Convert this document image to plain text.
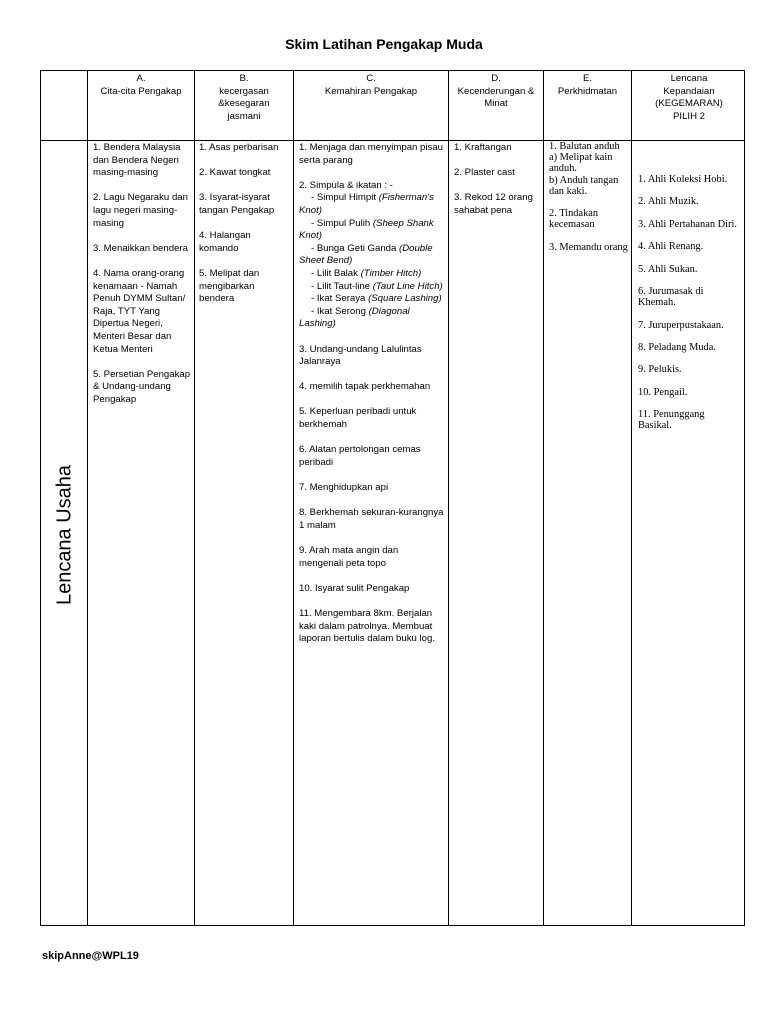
Skim Latihan Pengakap Muda
A.
Cita-cita Pengakap
B.
kecergasan &kesegaran jasmani
C.
Kemahiran Pengakap
D.
Kecenderungan & Minat
E.
Perkhidmatan
Lencana
Kepandaian (KEGEMARAN) PILIH 2
Lencana Usaha
1. Bendera Malaysia dan Bendera Negeri masing-masing
2. Lagu Negaraku dan lagu negeri masing-masing
3. Menaikkan bendera
4. Nama orang-orang kenamaan - Namah Penuh DYMM Sultan/ Raja, TYT Yang Dipertua Negeri, Menteri Besar dan Ketua Menteri
5. Persetian Pengakap & Undang-undang Pengakap
1. Asas perbarisan
2. Kawat tongkat
3. Isyarat-isyarat tangan Pengakap
4. Halangan komando
5. Melipat dan mengibarkan bendera
1. Menjaga dan menyimpan pisau serta parang
2. Simpula & ikatan : -
- Simpul Himpit (Fisherman's Knot)
- Simpul Pulih (Sheep Shank Knot)
- Bunga Geti Ganda (Double Sheet Bend)
- Lilit Balak (Timber Hitch)
- Lilit Taut-line (Taut Line Hitch)
- Ikat Seraya (Square Lashing)
- Ikat Serong (Diagonal Lashing)
3. Undang-undang Lalulintas Jalanraya
4. memilih tapak perkhemahan
5. Keperluan peribadi untuk berkhemah
6. Alatan pertolongan cemas peribadi
7. Menghidupkan api
8. Berkhemah sekuran-kurangnya 1 malam
9. Arah mata angin dan mengenali peta topo
10. Isyarat sulit Pengakap
11. Mengembara 8km. Berjalan kaki dalam patrolnya. Membuat laporan bertulis dalam buku log.
1. Kraftangan
2. Plaster cast
3. Rekod 12 orang sahabat pena
1. Balutan anduh
a) Melipat kain anduh.
b) Anduh tangan dan kaki.
2. Tindakan kecemasan
3. Memandu orang
1. Ahli Koleksi Hobi.
2. Ahli Muzik.
3. Ahli Pertahanan Diri.
4. Ahli Renang.
5. Ahli Sukan.
6. Jurumasak di Khemah.
7. Juruperpustakaan.
8. Peladang Muda.
9. Pelukis.
10. Pengail.
11. Penunggang Basikal.
skipAnne@WPL19
